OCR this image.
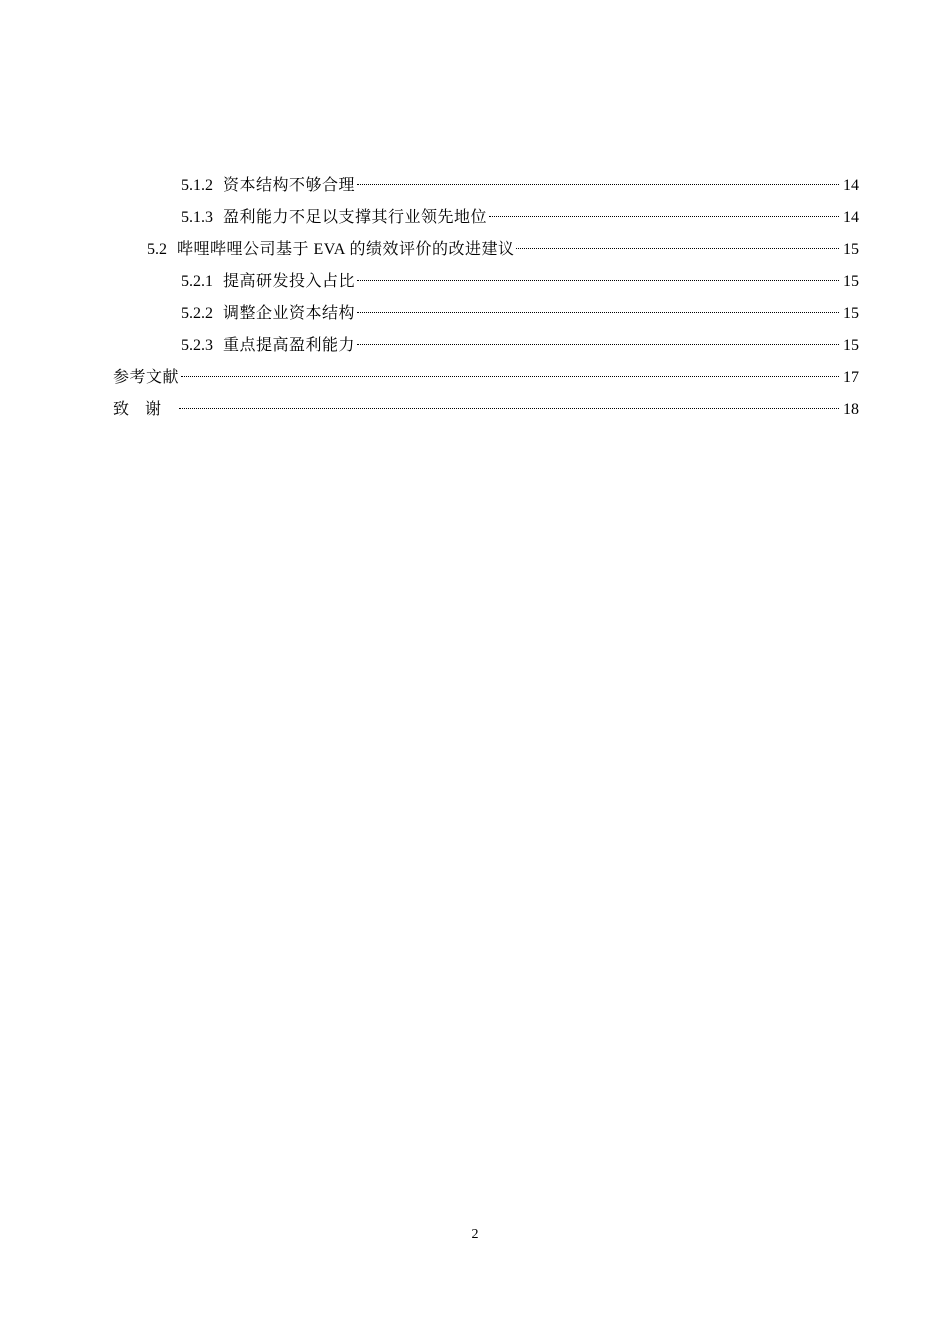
5.1.2 资本结构不够合理	14
5.1.3 盈利能力不足以支撑其行业领先地位	14
5.2 哔哩哔哩公司基于 EVA 的绩效评价的改进建议	15
5.2.1 提高研发投入占比	15
5.2.2 调整企业资本结构	15
5.2.3 重点提高盈利能力	15
参考文献	17
致谢	18
2
